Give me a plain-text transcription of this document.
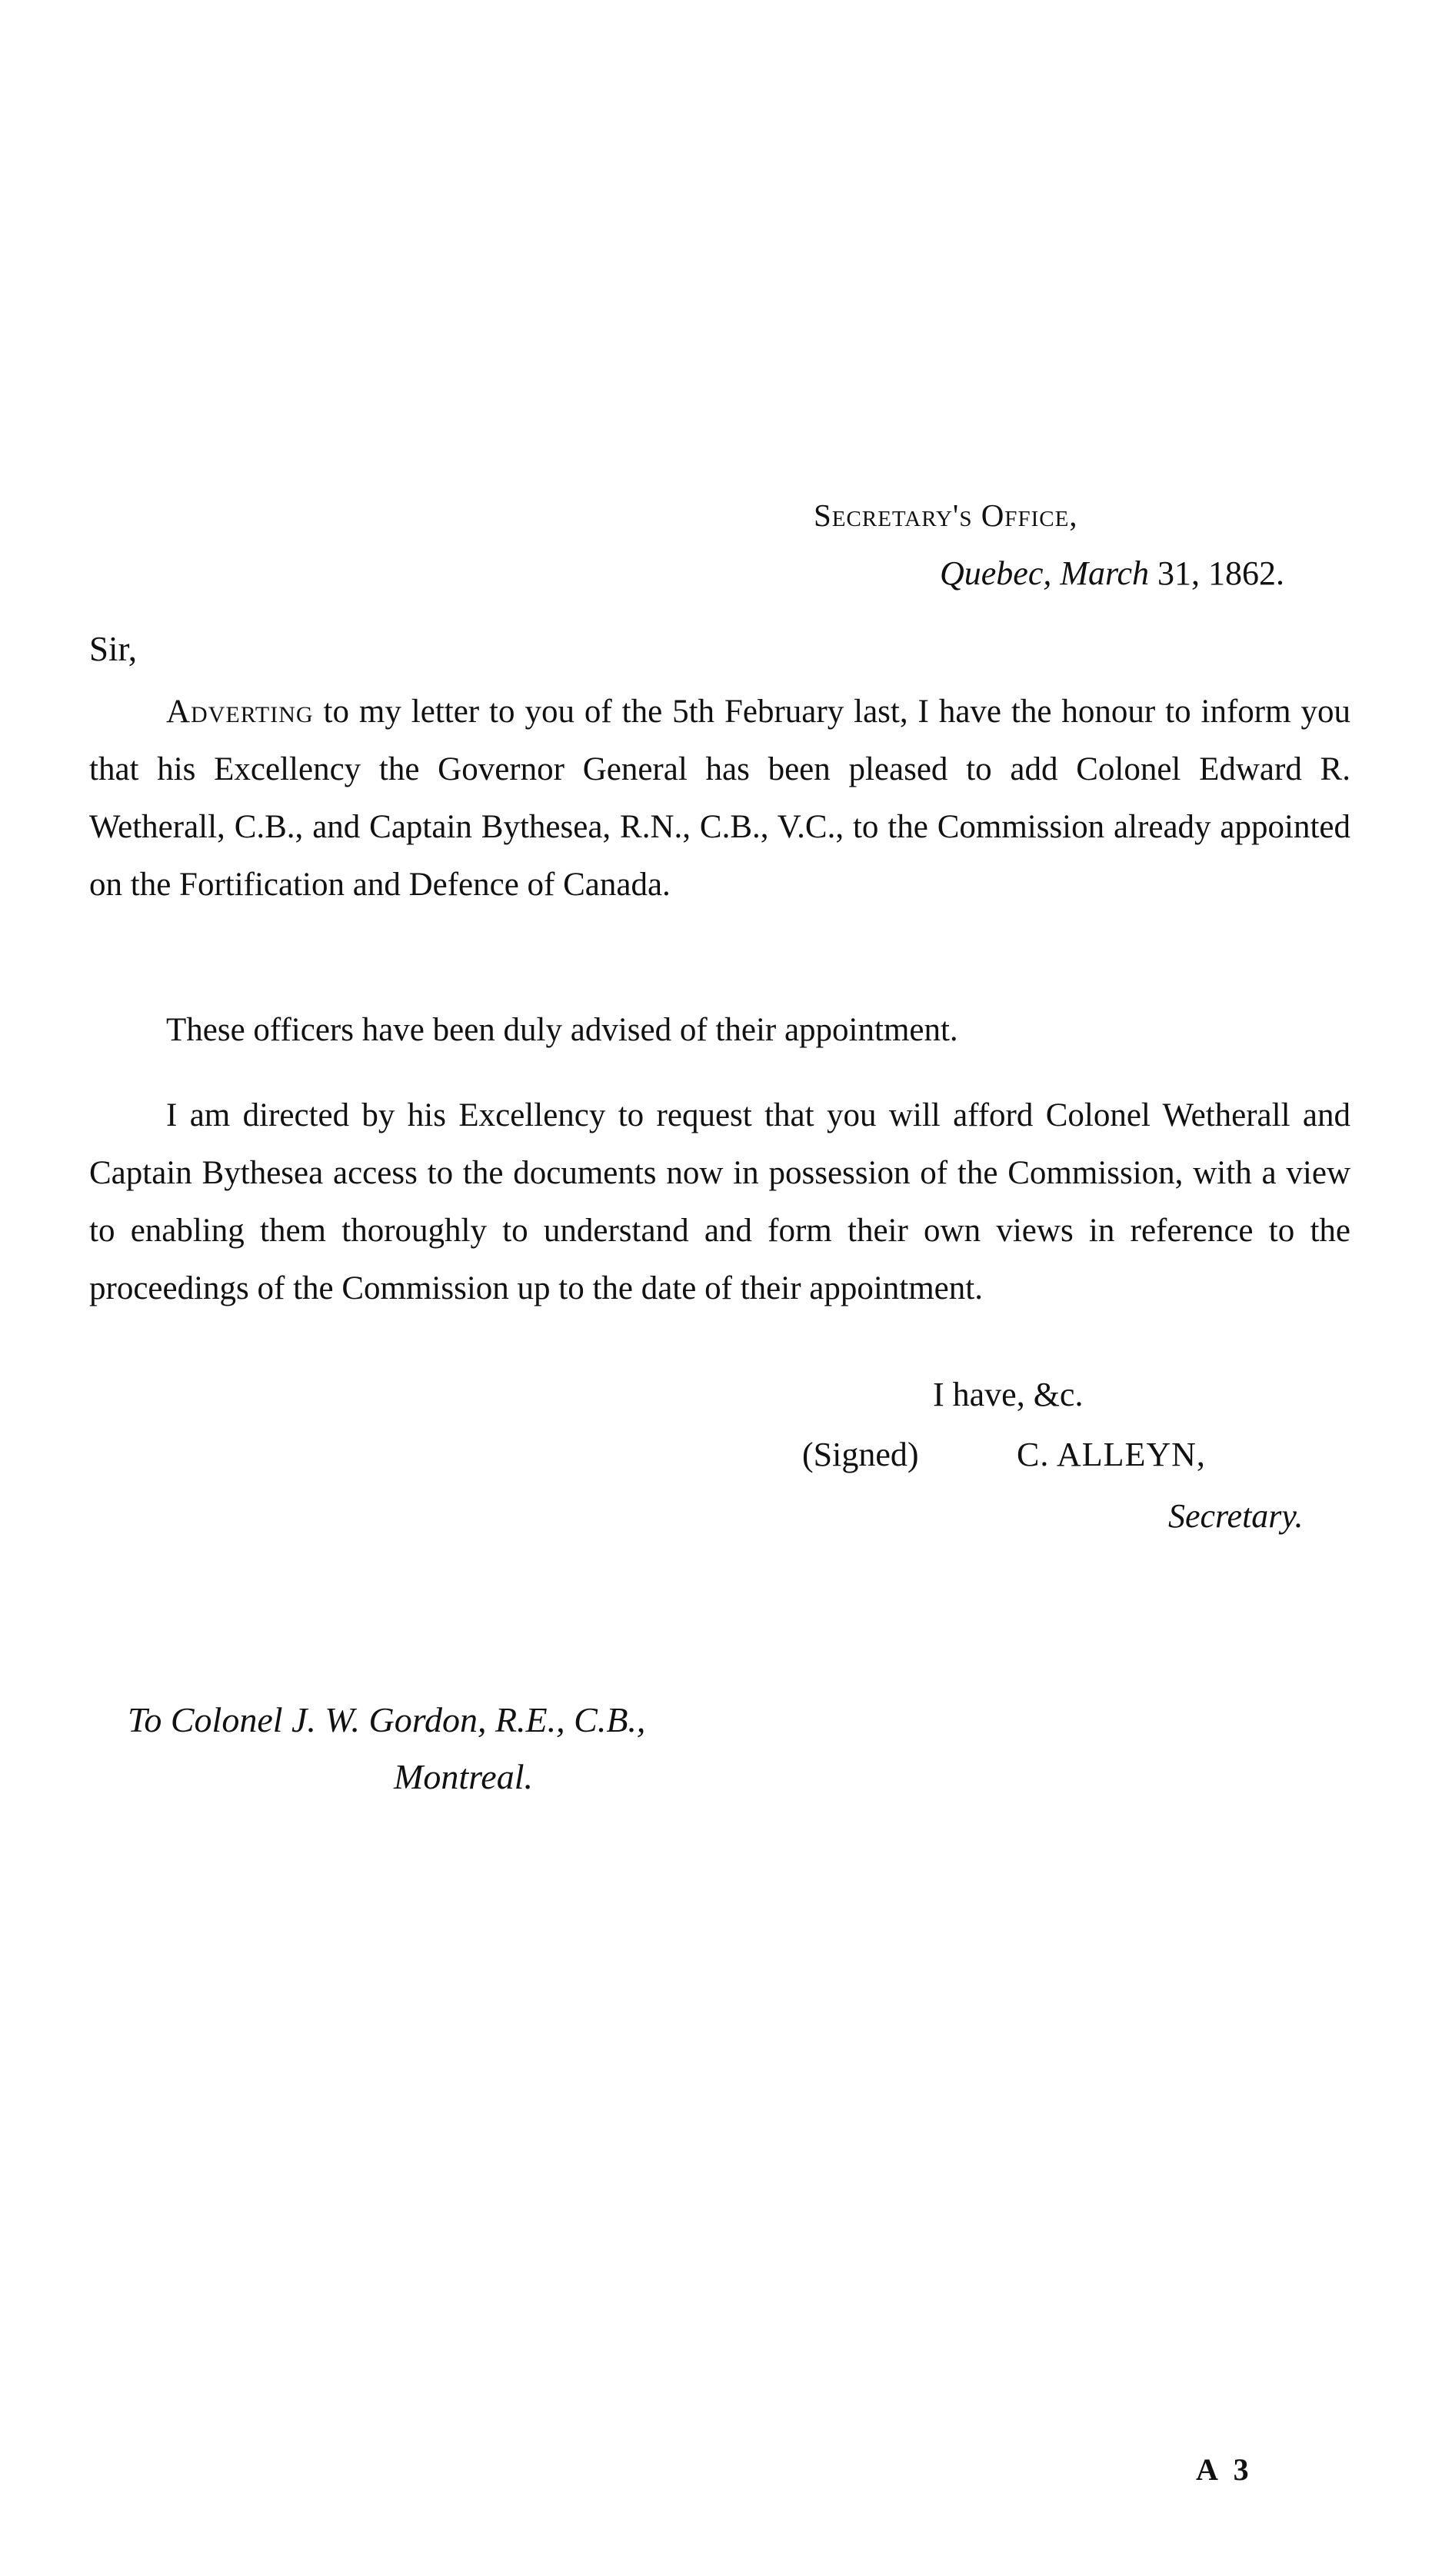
Secretary's Office,
Quebec, March 31, 1862.
Sir,

Adverting to my letter to you of the 5th February last, I have the honour to inform you that his Excellency the Governor General has been pleased to add Colonel Edward R. Wetherall, C.B., and Captain Bythesea, R.N., C.B., V.C., to the Commission already appointed on the Fortification and Defence of Canada.

These officers have been duly advised of their appointment.

I am directed by his Excellency to request that you will afford Colonel Wetherall and Captain Bythesea access to the documents now in possession of the Commission, with a view to enabling them thoroughly to understand and form their own views in reference to the proceedings of the Commission up to the date of their appointment.

I have, &c.
(Signed)	C. ALLEYN,
Secretary.
To Colonel J. W. Gordon, R.E., C.B.,
Montreal.
A 3
